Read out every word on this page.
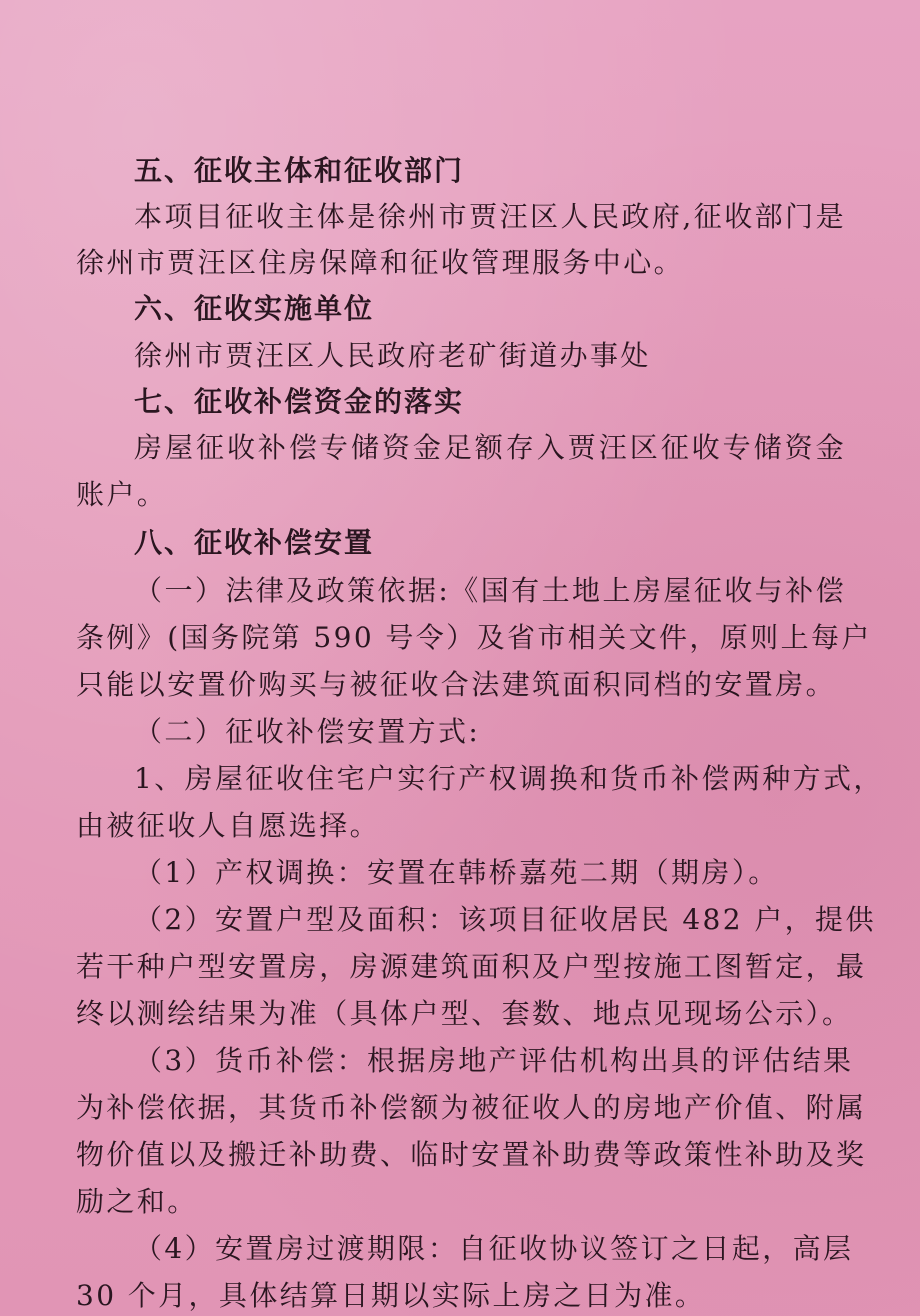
五、征收主体和征收部门
本项目征收主体是徐州市贾汪区人民政府,征收部门是
徐州市贾汪区住房保障和征收管理服务中心。
六、征收实施单位
徐州市贾汪区人民政府老矿街道办事处
七、征收补偿资金的落实
房屋征收补偿专储资金足额存入贾汪区征收专储资金
账户。
八、征收补偿安置
（一）法律及政策依据:《国有土地上房屋征收与补偿
条例》(国务院第 590 号令）及省市相关文件，原则上每户
只能以安置价购买与被征收合法建筑面积同档的安置房。
（二）征收补偿安置方式:
1、房屋征收住宅户实行产权调换和货币补偿两种方式，
由被征收人自愿选择。
（1）产权调换：安置在韩桥嘉苑二期（期房）。
（2）安置户型及面积：该项目征收居民 482 户，提供
若干种户型安置房，房源建筑面积及户型按施工图暂定，最
终以测绘结果为准（具体户型、套数、地点见现场公示）。
（3）货币补偿：根据房地产评估机构出具的评估结果
为补偿依据，其货币补偿额为被征收人的房地产价值、附属
物价值以及搬迁补助费、临时安置补助费等政策性补助及奖
励之和。
（4）安置房过渡期限：自征收协议签订之日起，高层
30 个月，具体结算日期以实际上房之日为准。
